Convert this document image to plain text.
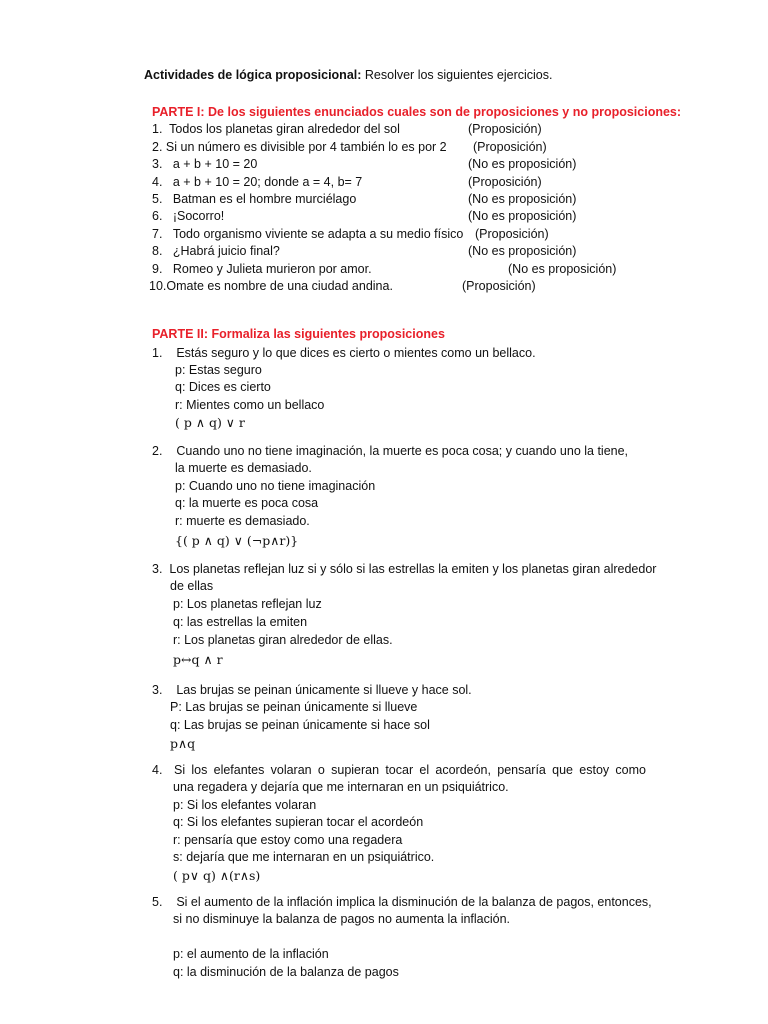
Actividades de lógica proposicional: Resolver los siguientes ejercicios.
PARTE I: De los siguientes enunciados cuales son de proposiciones y no proposiciones:
1. Todos los planetas giran alrededor del sol	(Proposición)
2. Si un número es divisible por 4 también lo es por 2 (Proposición)
3. a + b + 10 = 20	(No es proposición)
4. a + b + 10 = 20; donde a = 4, b= 7	(Proposición)
5. Batman es el hombre murciélago	(No es proposición)
6. ¡Socorro!	(No es proposición)
7. Todo organismo viviente se adapta a su medio físico (Proposición)
8. ¿Habrá juicio final?	(No es proposición)
9. Romeo y Julieta murieron por amor.	(No es proposición)
10.Omate es nombre de una ciudad andina.	(Proposición)
PARTE II: Formaliza las siguientes proposiciones
1. Estás seguro y lo que dices es cierto o mientes como un bellaco.
p: Estas seguro
q: Dices es cierto
r: Mientes como un bellaco
( p ∧ q) ∨ r
2. Cuando uno no tiene imaginación, la muerte es poca cosa; y cuando uno la tiene,
la muerte es demasiado.
p: Cuando uno no tiene imaginación
q: la muerte es poca cosa
r: muerte es demasiado.
{( p ∧ q) ∨ (¬p∧r)}
3. Los planetas reflejan luz si y sólo si las estrellas la emiten y los planetas giran alrededor
de ellas
p: Los planetas reflejan luz
q: las estrellas la emiten
r: Los planetas giran alrededor de ellas.
p↔q ∧ r
3. Las brujas se peinan únicamente si llueve y hace sol.
P: Las brujas se peinan únicamente si llueve
q: Las brujas se peinan únicamente si hace sol
p∧q
4. Si los elefantes volaran o supieran tocar el acordeón, pensaría que estoy como
una regadera y dejaría que me internaran en un psiquiátrico.
p: Si los elefantes volaran
q: Si los elefantes supieran tocar el acordeón
r: pensaría que estoy como una regadera
s: dejaría que me internaran en un psiquiátrico.
( p∨ q) ∧(r∧s)
5. Si el aumento de la inflación implica la disminución de la balanza de pagos, entonces,
si no disminuye la balanza de pagos no aumenta la inflación.
p: el aumento de la inflación
q: la disminución de la balanza de pagos
